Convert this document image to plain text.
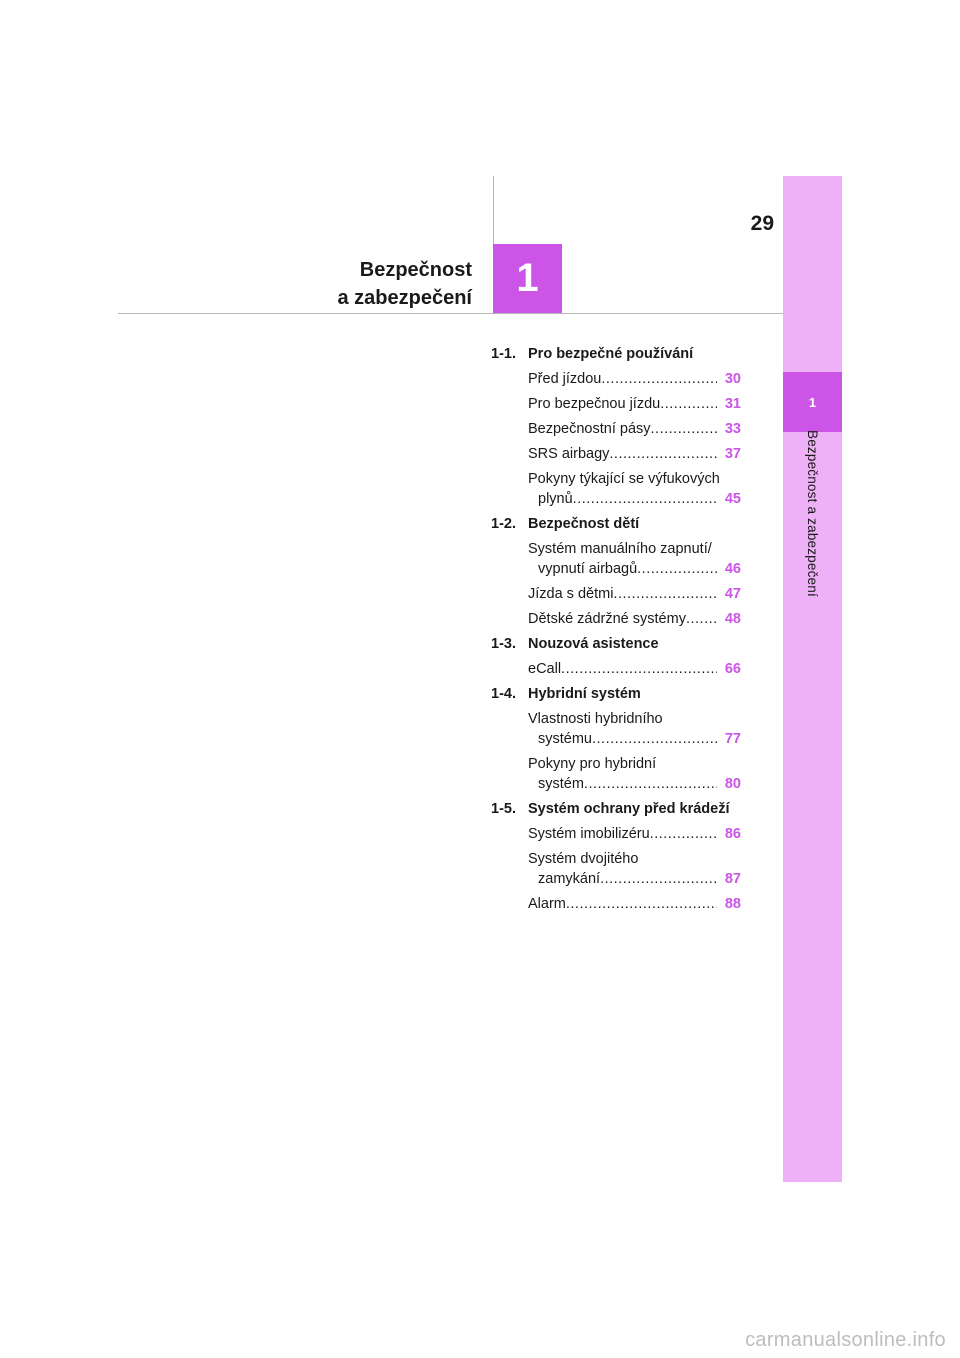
1
Bezpečnost a zabezpečení
29
1
Bezpečnost
a zabezpečení
1-1. Pro bezpečné používání
Před jízdou .....	30
Pro bezpečnou jízdu .....	31
Bezpečnostní pásy .....	33
SRS airbagy .....	37
Pokyny týkající se výfukových
plynů .....	45
1-2. Bezpečnost dětí
Systém manuálního zapnutí/
vypnutí airbagů .....	46
Jízda s dětmi .....	47
Dětské zádržné systémy .....	48
1-3. Nouzová asistence
eCall .....	66
1-4. Hybridní systém
Vlastnosti hybridního
systému .....	77
Pokyny pro hybridní
systém .....	80
1-5. Systém ochrany před krádeží
Systém imobilizéru .....	86
Systém dvojitého
zamykání .....	87
Alarm .....	88
carmanualsonline.info
